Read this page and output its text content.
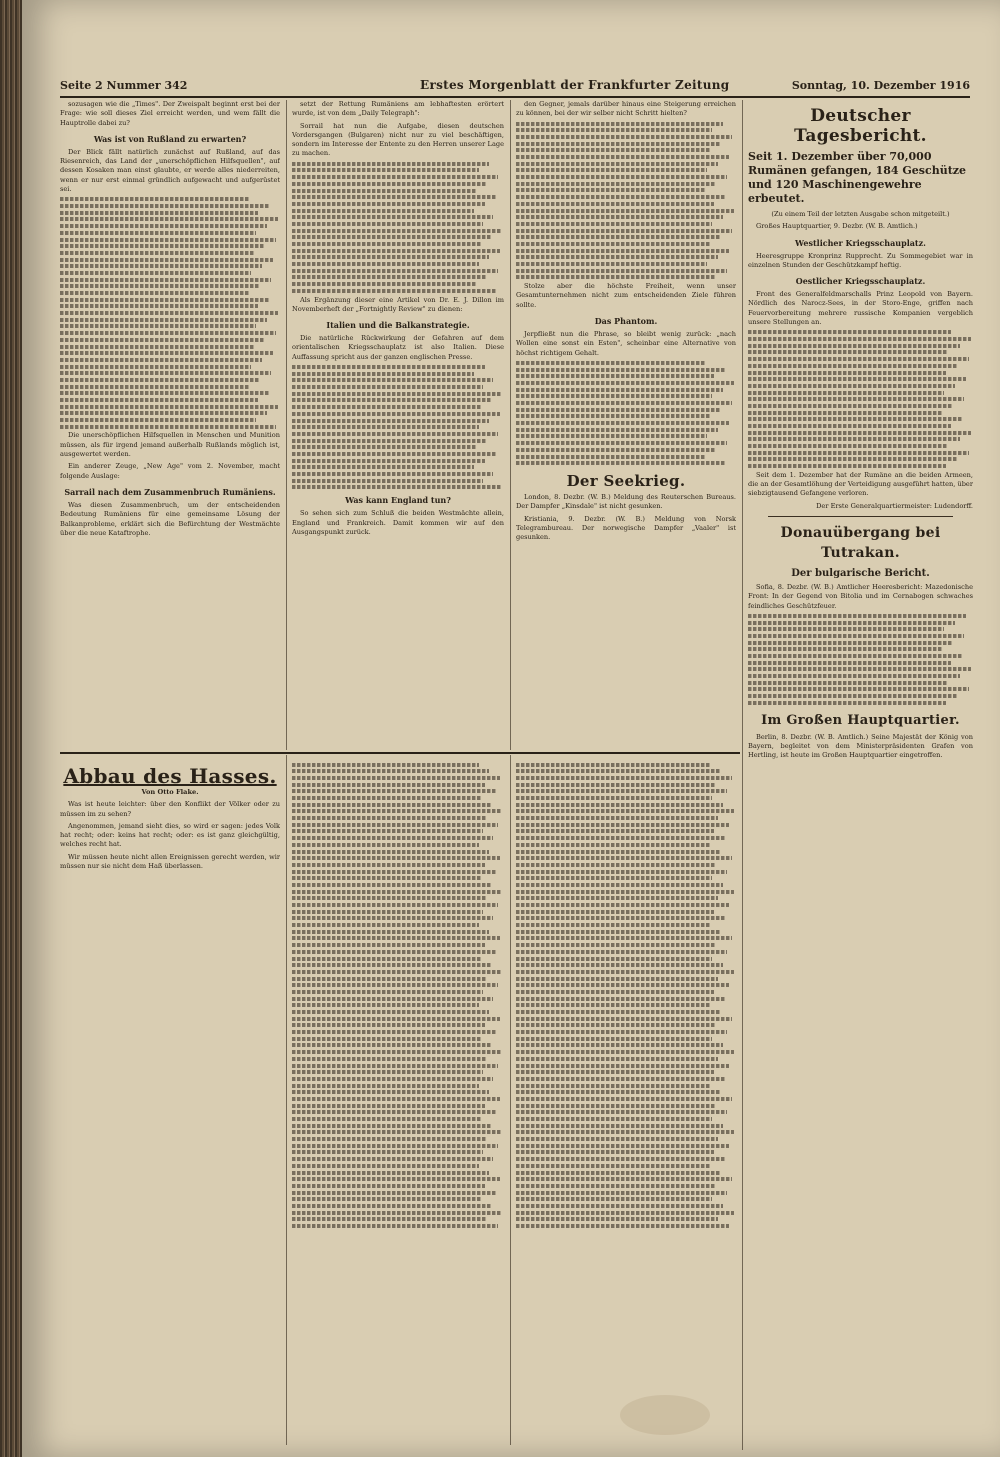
Seite 2 Nummer 342	Erstes Morgenblatt der Frankfurter Zeitung	Sonntag, 10. Dezember 1916

sozusagen wie die „Times". Der Zweispalt beginnt erst bei der Frage: wie soll dieses Ziel erreicht werden, und wem fällt die Hauptrolle dabei zu?

Was ist von Rußland zu erwarten?

Der Blick fällt natürlich zunächst auf Rußland, auf das Riesenreich, das Land der „unerschöpflichen Hilfsquellen", auf dessen Kosaken man einst glaubte, er werde alles niederreiten, wenn er nur erst einmal gründlich aufgewacht und aufgerüstet sei.

Die unerschöpflichen Hilfsquellen in Menschen und Munition müssen, als für irgend jemand außerhalb Rußlands möglich ist, ausgewertet werden.

Ein anderer Zeuge, „New Age" vom 2. November, macht folgende Auslage:

Sarrail nach dem Zusammenbruch Rumäniens.

Was diesen Zusammenbruch, um der entscheidenden Bedeutung Rumäniens für eine gemeinsame Lösung der Balkanprobleme, erklärt sich die Befürchtung der Westmächte über die neue Kataftrophe.

setzt der Rettung Rumäniens am lebhaftesten erörtert wurde, ist von dem „Daily Telegraph":

Sorrail hat nun die Aufgabe, diesen deutschen Vordersgangen (Bulgaren) nicht nur zu viel beschäftigen, sondern im Interesse der Entente zu den Herren unserer Lage zu machen.

Als Ergänzung dieser eine Artikel von Dr. E. J. Dillon im Novemberheft der „Fortnightly Review" zu dienen:

Italien und die Balkanstrategie.

Die natürliche Rückwirkung der Gefahren auf dem orientalischen Kriegsschauplatz ist also Italien. Diese Auffassung spricht aus der ganzen englischen Presse.

Was kann England tun?

So sehen sich zum Schluß die beiden Westmächte allein, England und Frankreich. Damit kommen wir auf den Ausgangspunkt zurück.

den Gegner, jemals darüber hinaus eine Steigerung erreichen zu können, bei der wir selber nicht Schritt hielten?

Stolze aber die höchste Freiheit, wenn unser Gesamtunternehmen nicht zum entscheidenden Ziele führen sollte.

Das Phantom.

Jerpfließt nun die Phrase, so bleibt wenig zurück: „nach Wollen eine sonst ein Esten", scheinbar eine Alternative von höchst richtigem Gehalt.

Der Seekrieg.

London, 8. Dezbr. (W. B.) Meldung des Reuterschen Bureaus. Der Dampfer „Kinsdale" ist nicht gesunken.

Kristiania, 9. Dezbr. (W. B.) Meldung von Norsk Telegrambureau. Der norwegische Dampfer „Vaaler" ist gesunken.

Deutscher Tagesbericht.
Seit 1. Dezember über 70,000 Rumänen gefangen, 184 Geschütze und 120 Maschinengewehre erbeutet.

(Zu einem Teil der letzten Ausgabe schon mitgeteilt.)

Großes Hauptquartier, 9. Dezbr. (W. B. Amtlich.)

Westlicher Kriegsschauplatz.

Heeresgruppe Kronprinz Rupprecht. Zu Sommegebiet war in einzelnen Stunden der Geschützkampf heftig.

Oestlicher Kriegsschauplatz.

Front des Generalfeldmarschalls Prinz Leopold von Bayern. Nördlich des Narocz-Sees, in der Storo-Enge, griffen nach Feuervorbereitung mehrere russische Kompanien vergeblich unsere Stellungen an.

Seit dem 1. Dezember hat der Rumäne an die beiden Armeen, die an der Gesamtlöhung der Verteidigung ausgeführt hatten, über siebzigtausend Gefangene verloren.

Der Erste Generalquartiermeister: Ludendorff.

Donauübergang bei Tutrakan.
Der bulgarische Bericht.

Sofia, 8. Dezbr. (W. B.) Amtlicher Heeresbericht: Mazedonische Front: In der Gegend von Bitolia und im Cernabogen schwaches feindliches Geschützfeuer.

Im Großen Hauptquartier.

Berlin, 8. Dezbr. (W. B. Amtlich.) Seine Majestät der König von Bayern, begleitet von dem Ministerpräsidenten Grafen von Hertling, ist heute im Großen Hauptquartier eingetroffen.

Abbau des Hasses.

Von Otto Flake.

Was ist heute leichter: über den Konflikt der Völker oder zu müssen im zu sehen?

Angenommen, jemand sieht dies, so wird er sagen: jedes Volk hat recht; oder: keins hat recht; oder: es ist ganz gleichgültig, welches recht hat.

Wir müssen heute nicht allen Ereignissen gerecht werden, wir müssen nur sie nicht dem Haß überlassen.
